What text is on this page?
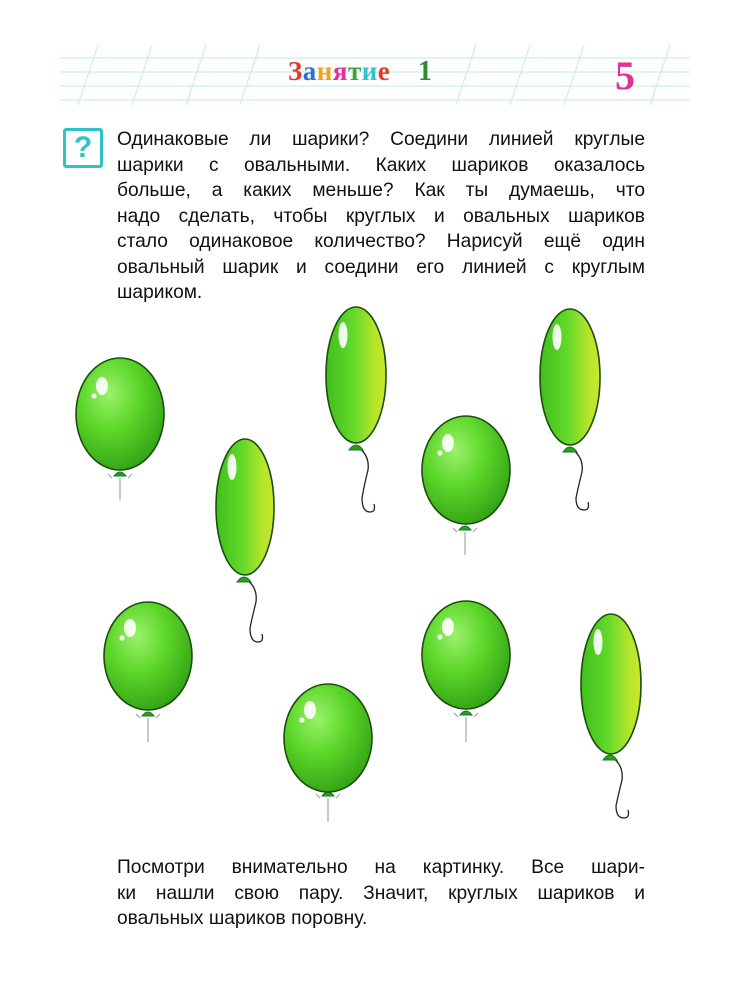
Занятие 1	5
? Одинаковые ли шарики? Соедини линией круглые
шарики с овальными. Каких шариков оказалось
больше, а каких меньше? Как ты думаешь, что
надо сделать, чтобы круглых и овальных шариков
стало одинаковое количество? Нарисуй ещё один
овальный шарик и соедини его линией с круглым
шариком.
Посмотри внимательно на картинку. Все шари-
ки нашли свою пару. Значит, круглых шариков и
овальных шариков поровну.
